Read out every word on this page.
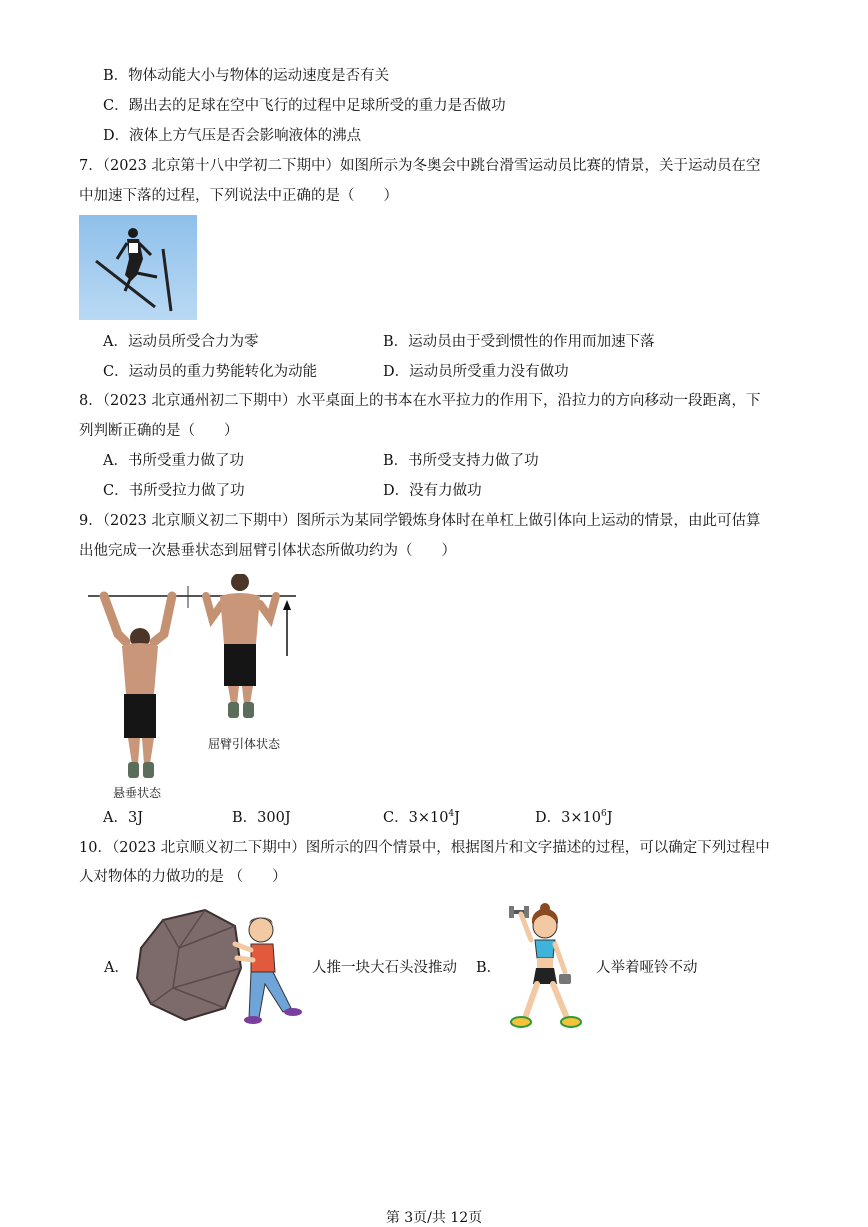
B．物体动能大小与物体的运动速度是否有关
C．踢出去的足球在空中飞行的过程中足球所受的重力是否做功
D．液体上方气压是否会影响液体的沸点
7．（2023 北京第十八中学初二下期中）如图所示为冬奥会中跳台滑雪运动员比赛的情景，关于运动员在空
中加速下落的过程，下列说法中正确的是（　　）
A．运动员所受合力为零	B．运动员由于受到惯性的作用而加速下落
C．运动员的重力势能转化为动能	D．运动员所受重力没有做功
8．（2023 北京通州初二下期中）水平桌面上的书本在水平拉力的作用下，沿拉力的方向移动一段距离，下
列判断正确的是（　　）
A．书所受重力做了功	B．书所受支持力做了功
C．书所受拉力做了功	D．没有力做功
9．（2023 北京顺义初二下期中）图所示为某同学锻炼身体时在单杠上做引体向上运动的情景，由此可估算
出他完成一次悬垂状态到屈臂引体状态所做功约为（　　）
屈臂引体状态
悬垂状态
A．3J	B．300J	C．$3\times 10^4J$	D．$3\times 10^6J$
10．（2023 北京顺义初二下期中）图所示的四个情景中，根据图片和文字描述的过程，可以确定下列过程中
人对物体的力做功的是 （　　）
A．	人推一块大石头没推动 B．	人举着哑铃不动
第 3页/共 12页
